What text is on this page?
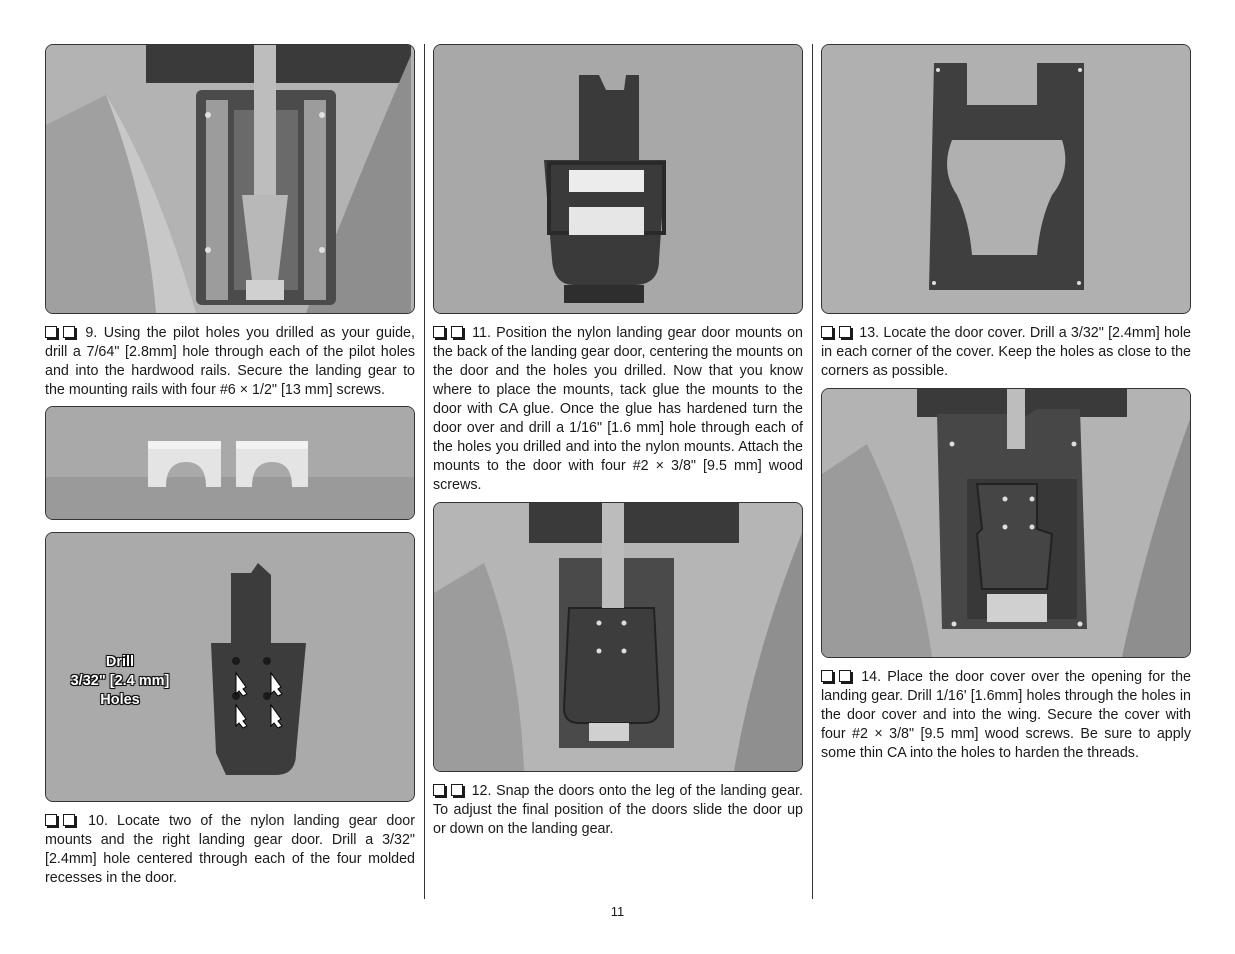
9. Using the pilot holes you drilled as your guide, drill a 7/64" [2.8mm] hole through each of the pilot holes and into the hardwood rails. Secure the landing gear to the mounting rails with four #6 × 1/2" [13 mm] screws.

Drill
3/32" [2.4 mm]
Holes

10. Locate two of the nylon landing gear door mounts and the right landing gear door. Drill a 3/32" [2.4mm] hole centered through each of the four molded recesses in the door.

11. Position the nylon landing gear door mounts on the back of the landing gear door, centering the mounts on the door and the holes you drilled. Now that you know where to place the mounts, tack glue the mounts to the door with CA glue. Once the glue has hardened turn the door over and drill a 1/16" [1.6 mm] hole through each of the holes you drilled and into the nylon mounts. Attach the mounts to the door with four #2 × 3/8" [9.5 mm] wood screws.

12. Snap the doors onto the leg of the landing gear. To adjust the final position of the doors slide the door up or down on the landing gear.

13. Locate the door cover. Drill a 3/32" [2.4mm] hole in each corner of the cover. Keep the holes as close to the corners as possible.

14. Place the door cover over the opening for the landing gear. Drill 1/16' [1.6mm] holes through the holes in the door cover and into the wing. Secure the cover with four #2 × 3/8" [9.5 mm] wood screws. Be sure to apply some thin CA into the holes to harden the threads.

11
